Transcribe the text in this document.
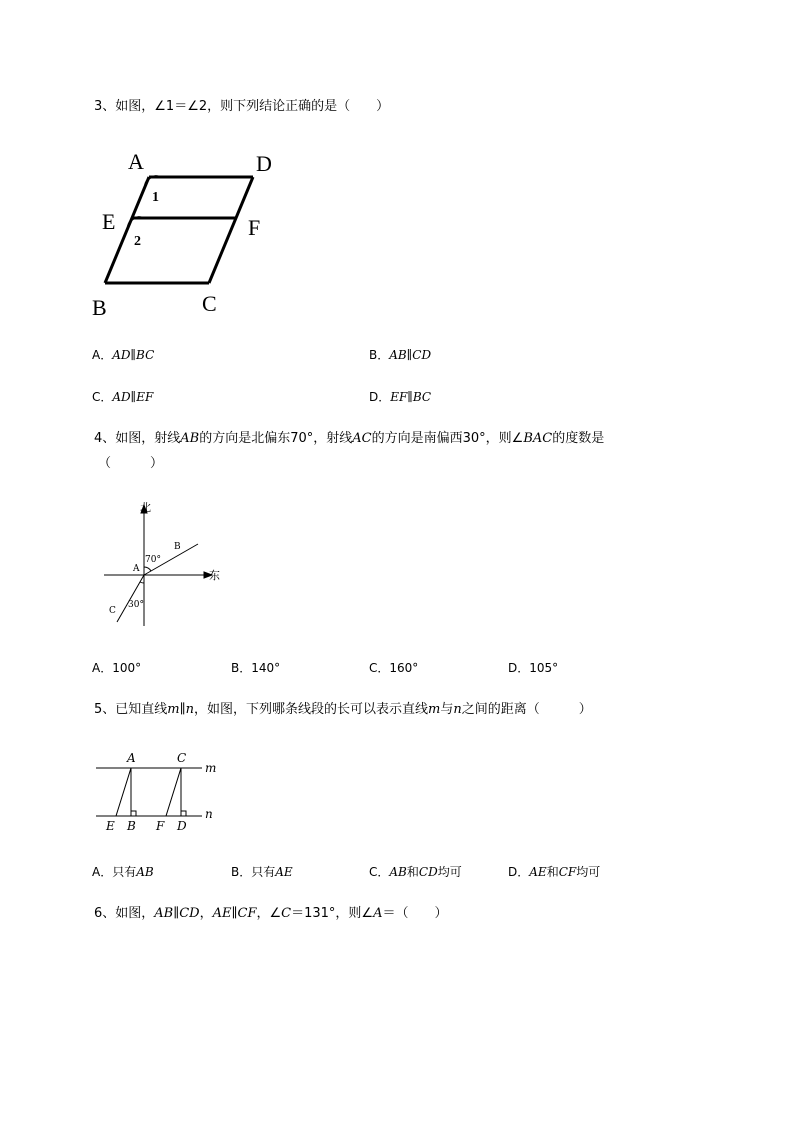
3、如图，∠1＝∠2，则下列结论正确的是（　　）
A	D
E	F
B	C
1
2
A．AD∥BC	B．AB∥CD
C．AD∥EF	D．EF∥BC
4、如图，射线AB的方向是北偏东70°，射线AC的方向是南偏西30°，则∠BAC的度数是
（　　　）
北
东
A
B
C
70°
30°
A．100°	B．140°	C．160°	D．105°
5、已知直线m∥n，如图，下列哪条线段的长可以表示直线m与n之间的距离（　　　）
A	C
m
n
E B F D
A．只有AB	B．只有AE	C．AB和CD均可	D．AE和CF均可
6、如图，AB∥CD，AE∥CF，∠C＝131°，则∠A＝（　　）
